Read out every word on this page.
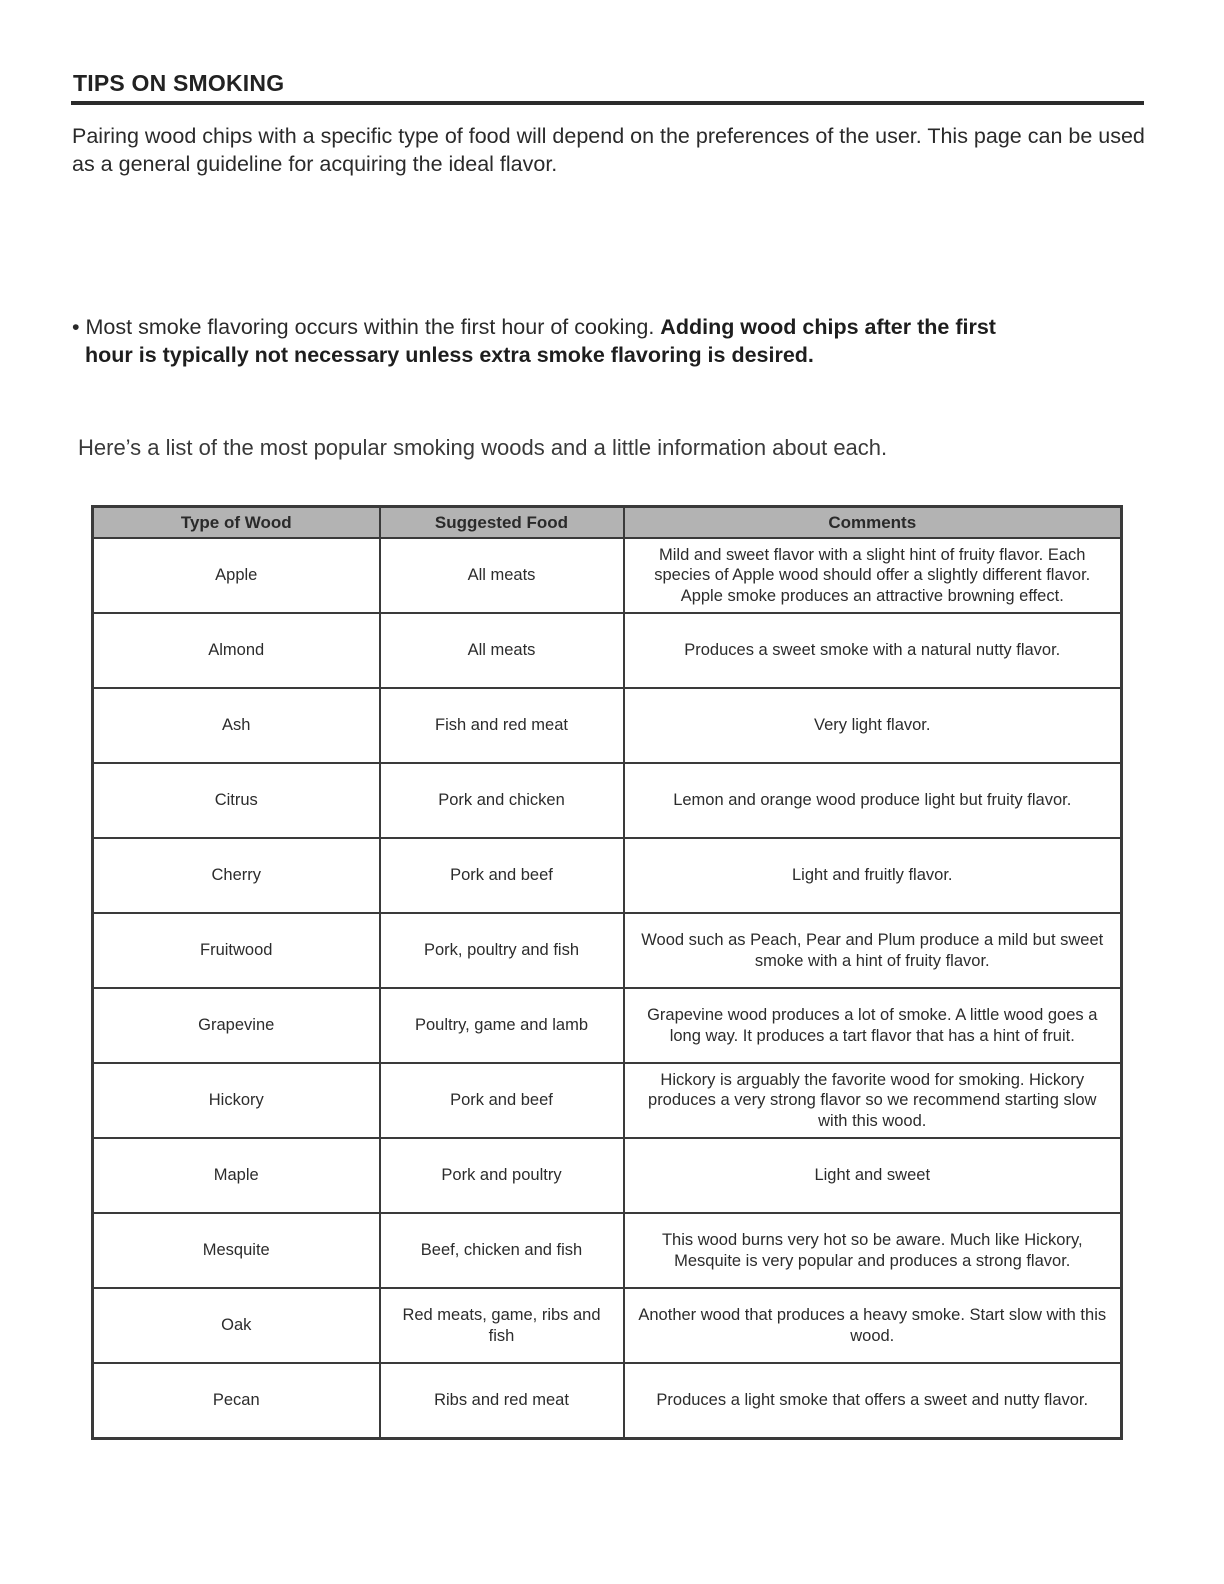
TIPS ON SMOKING
Pairing wood chips with a specific type of food will depend on the preferences of the user. This page can be used as a general guideline for acquiring the ideal flavor.
• Most smoke flavoring occurs within the first hour of cooking. Adding wood chips after the first
hour is typically not necessary unless extra smoke flavoring is desired.
Here’s a list of the most popular smoking woods and a little information about each.
Type of Wood	Suggested Food	Comments
Apple	All meats	Mild and sweet flavor with a slight hint of fruity flavor. Each species of Apple wood should offer a slightly different flavor. Apple smoke produces an attractive browning effect.
Almond	All meats	Produces a sweet smoke with a natural nutty flavor.
Ash	Fish and red meat	Very light flavor.
Citrus	Pork and chicken	Lemon and orange wood produce light but fruity flavor.
Cherry	Pork and beef	Light and fruitly flavor.
Fruitwood	Pork, poultry and fish	Wood such as Peach, Pear and Plum produce a mild but sweet smoke with a hint of fruity flavor.
Grapevine	Poultry, game and lamb	Grapevine wood produces a lot of smoke. A little wood goes a long way. It produces a tart flavor that has a hint of fruit.
Hickory	Pork and beef	Hickory is arguably the favorite wood for smoking. Hickory produces a very strong flavor so we recommend starting slow with this wood.
Maple	Pork and poultry	Light and sweet
Mesquite	Beef, chicken and fish	This wood burns very hot so be aware. Much like Hickory, Mesquite is very popular and produces a strong flavor.
Oak	Red meats, game, ribs and fish	Another wood that produces a heavy smoke. Start slow with this wood.
Pecan	Ribs and red meat	Produces a light smoke that offers a sweet and nutty flavor.
